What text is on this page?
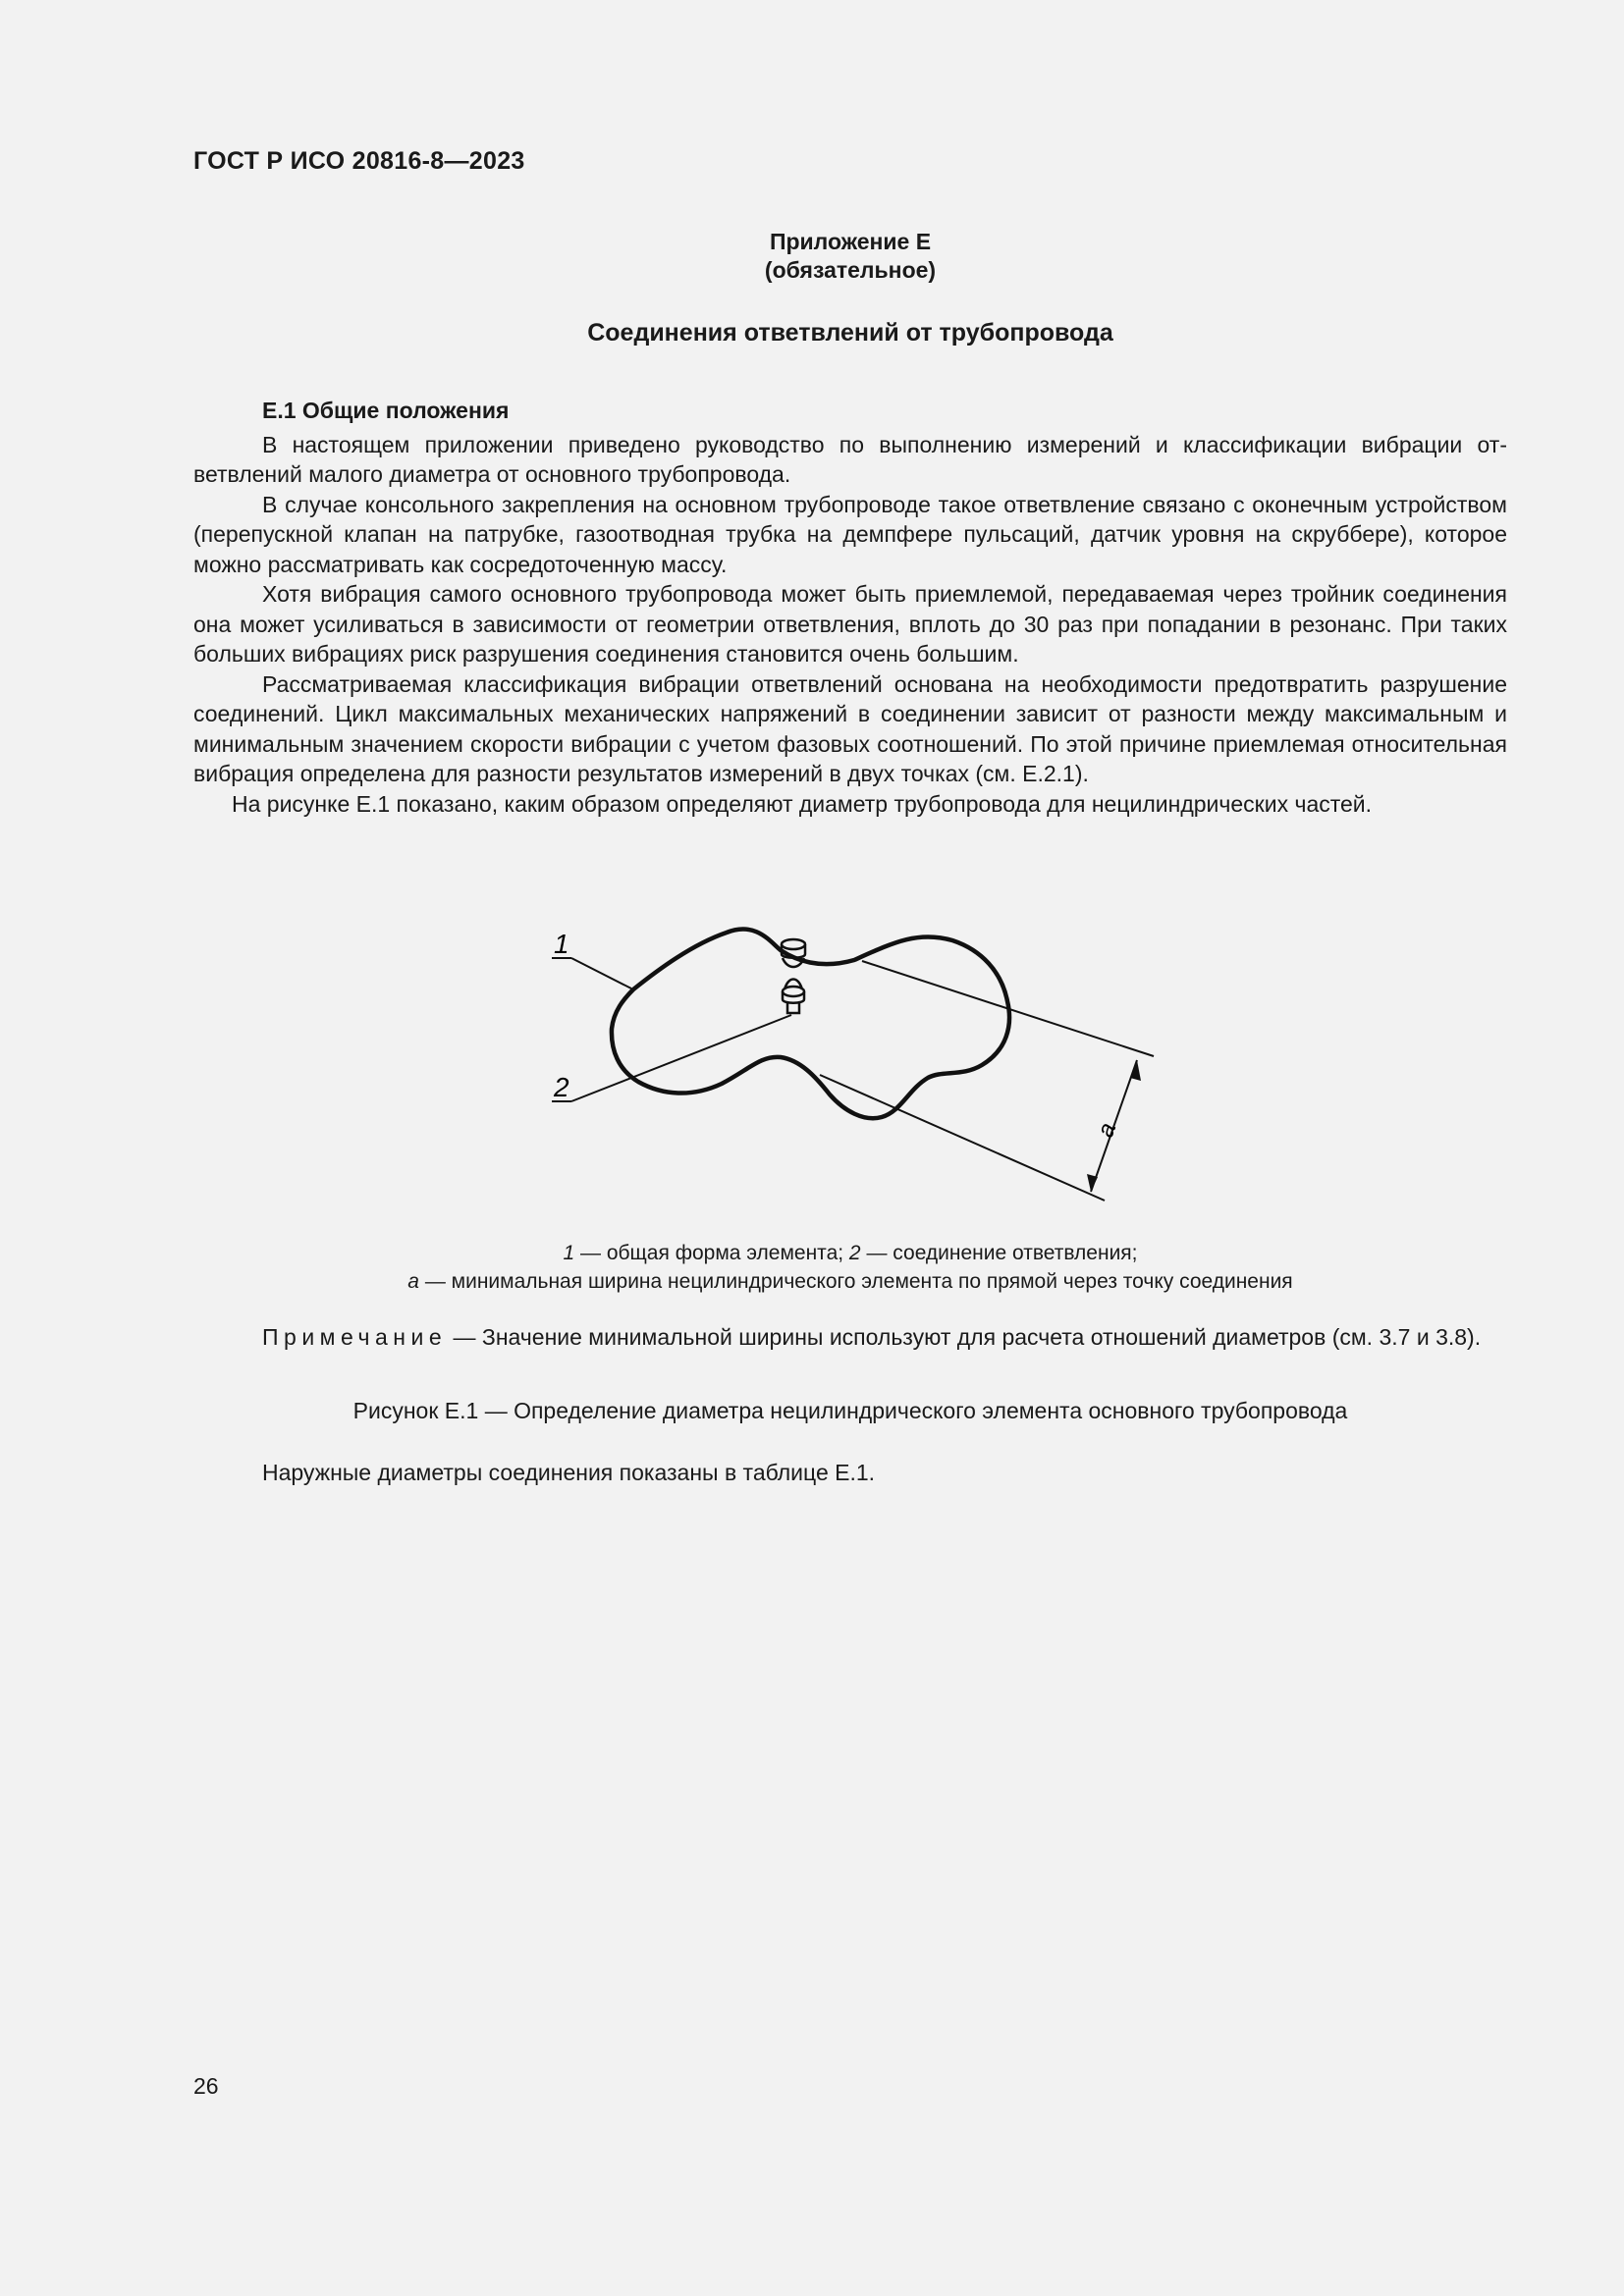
ГОСТ Р ИСО 20816-8—2023
Приложение Е
(обязательное)
Соединения ответвлений от трубопровода

Е.1 Общие положения

В настоящем приложении приведено руководство по выполнению измерений и классификации вибрации ответвлений малого диаметра от основного трубопровода.

В случае консольного закрепления на основном трубопроводе такое ответвление связано с оконечным устройством (перепускной клапан на патрубке, газоотводная трубка на демпфере пульсаций, датчик уровня на скруббере), которое можно рассматривать как сосредоточенную массу.

Хотя вибрация самого основного трубопровода может быть приемлемой, передаваемая через тройник соединения она может усиливаться в зависимости от геометрии ответвления, вплоть до 30 раз при попадании в резонанс. При таких больших вибрациях риск разрушения соединения становится очень большим.

Рассматриваемая классификация вибрации ответвлений основана на необходимости предотвратить разрушение соединений. Цикл максимальных механических напряжений в соединении зависит от разности между максимальным и минимальным значением скорости вибрации с учетом фазовых соотношений. По этой причине приемлемая относительная вибрация определена для разности результатов измерений в двух точках (см. Е.2.1).

На рисунке Е.1 показано, каким образом определяют диаметр трубопровода для нецилиндрических частей.

1
2
a
1 — общая форма элемента; 2 — соединение ответвления;
a — минимальная ширина нецилиндрического элемента по прямой через точку соединения
Примечание — Значение минимальной ширины используют для расчета отношений диаметров (см. 3.7 и 3.8).
Рисунок Е.1 — Определение диаметра нецилиндрического элемента основного трубопровода
Наружные диаметры соединения показаны в таблице Е.1.
26
